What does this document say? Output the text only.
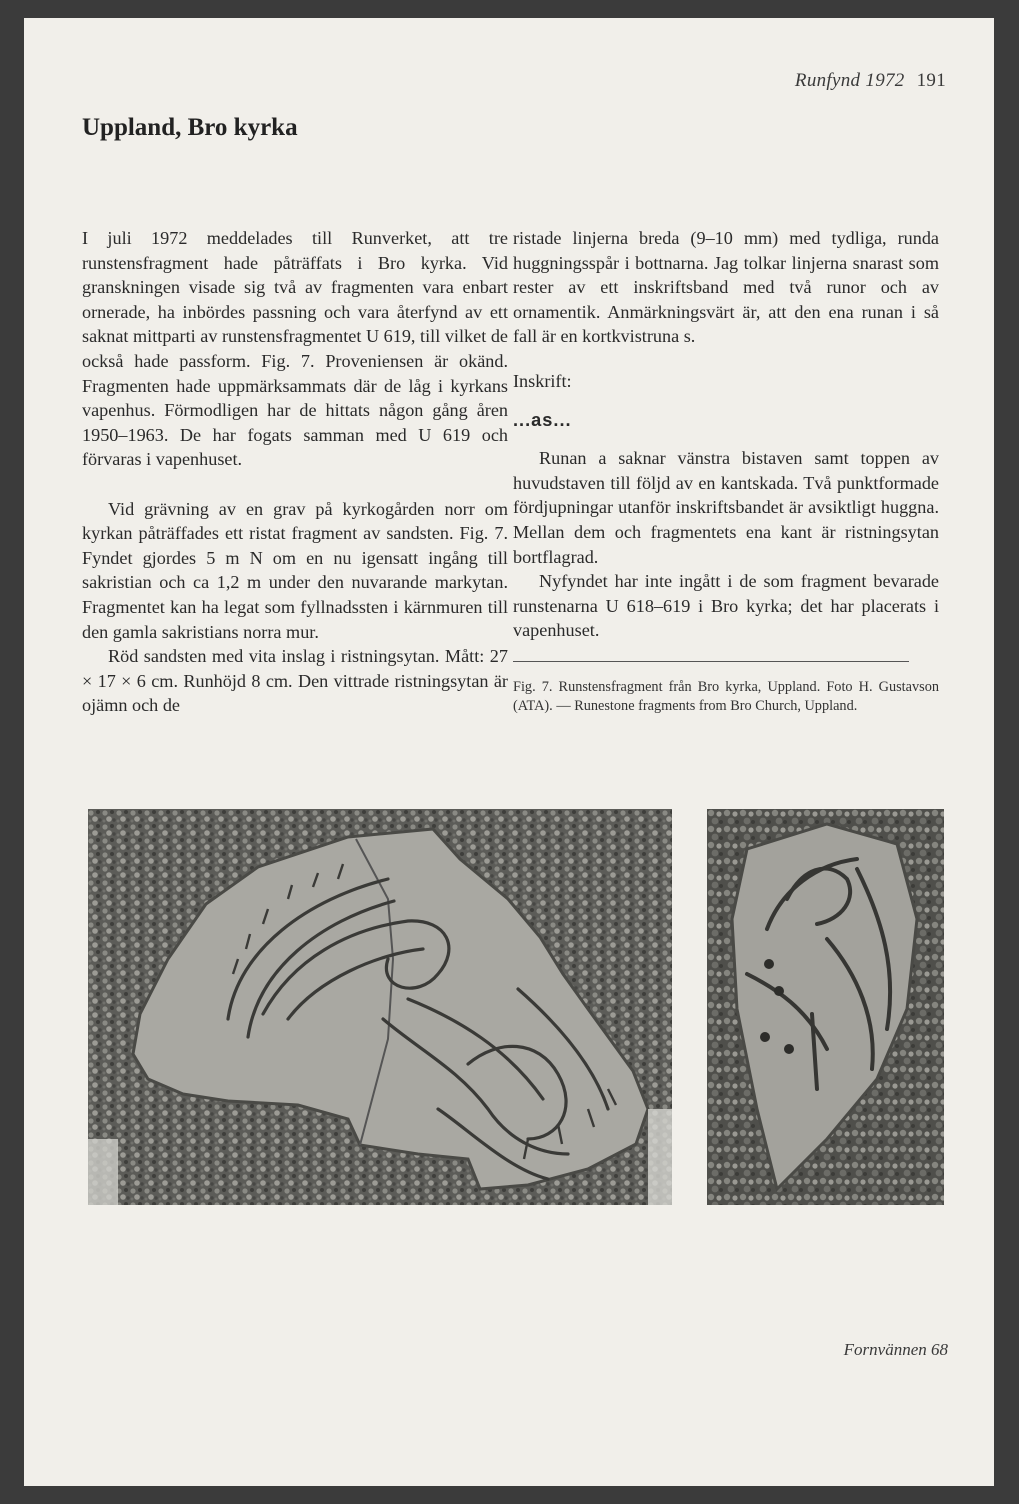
Runfynd 1972 191
Uppland, Bro kyrka

I juli 1972 meddelades till Runverket, att tre runstensfragment hade påträffats i Bro kyrka. Vid granskningen visade sig två av fragmenten vara enbart ornerade, ha inbördes passning och vara återfynd av ett saknat mittparti av runstensfragmentet U 619, till vilket de också hade passform. Fig. 7. Proveniensen är okänd. Fragmenten hade uppmärksammats där de låg i kyrkans vapenhus. Förmodligen har de hittats någon gång åren 1950–1963. De har fogats samman med U 619 och förvaras i vapenhuset.

Vid grävning av en grav på kyrkogården norr om kyrkan påträffades ett ristat fragment av sandsten. Fig. 7. Fyndet gjordes 5 m N om en nu igensatt ingång till sakristian och ca 1,2 m under den nuvarande markytan. Fragmentet kan ha legat som fyllnadssten i kärnmuren till den gamla sakristians norra mur.

Röd sandsten med vita inslag i ristningsytan. Mått: 27 × 17 × 6 cm. Runhöjd 8 cm. Den vittrade ristningsytan är ojämn och de

ristade linjerna breda (9–10 mm) med tydliga, runda huggningsspår i bottnarna. Jag tolkar linjerna snarast som rester av ett inskriftsband med två runor och av ornamentik. Anmärkningsvärt är, att den ena runan i så fall är en kortkvistruna s.

Inskrift:

...as...

Runan a saknar vänstra bistaven samt toppen av huvudstaven till följd av en kantskada. Två punktformade fördjupningar utanför inskriftsbandet är avsiktligt huggna. Mellan dem och fragmentets ena kant är ristningsytan bortflagrad.

Nyfyndet har inte ingått i de som fragment bevarade runstenarna U 618–619 i Bro kyrka; det har placerats i vapenhuset.

Fig. 7. Runstensfragment från Bro kyrka, Uppland. Foto H. Gustavson (ATA). — Runestone fragments from Bro Church, Uppland.

Fornvännen 68
